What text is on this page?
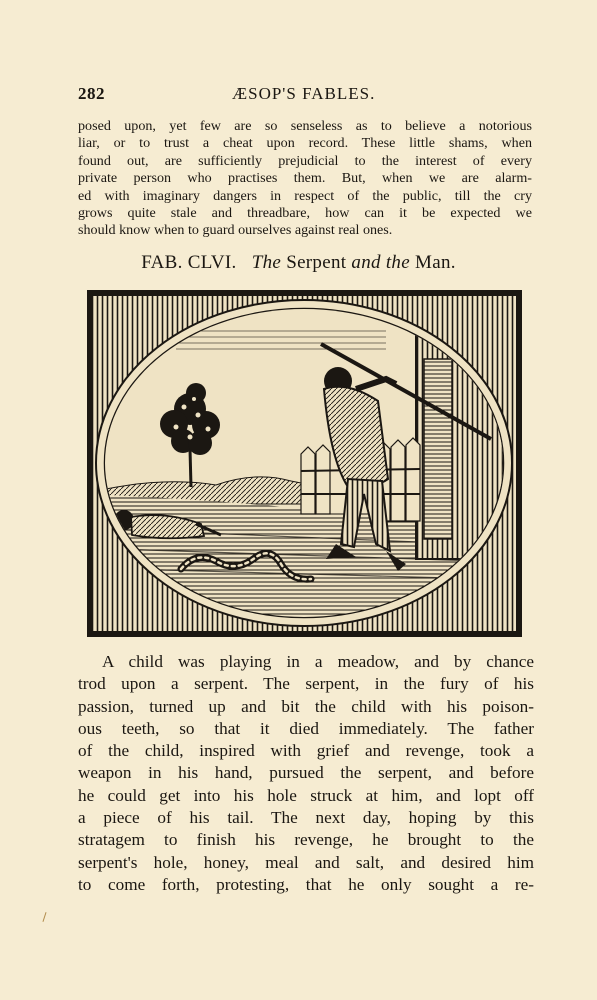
282	ÆSOP'S FABLES.
posed upon, yet few are so senseless as to believe a notorious
liar, or to trust a cheat upon record. These little shams, when
found out, are sufficiently prejudicial to the interest of every
private person who practises them. But, when we are alarm-
ed with imaginary dangers in respect of the public, till the cry
grows quite stale and threadbare, how can it be expected we
should know when to guard ourselves against real ones.
FAB. CLVI. The Serpent and the Man.
A child was playing in a meadow, and by chance
trod upon a serpent. The serpent, in the fury of his
passion, turned up and bit the child with his poison-
ous teeth, so that it died immediately. The father
of the child, inspired with grief and revenge, took a
weapon in his hand, pursued the serpent, and before
he could get into his hole struck at him, and lopt off
a piece of his tail. The next day, hoping by this
stratagem to finish his revenge, he brought to the
serpent's hole, honey, meal and salt, and desired him
to come forth, protesting, that he only sought a re-
